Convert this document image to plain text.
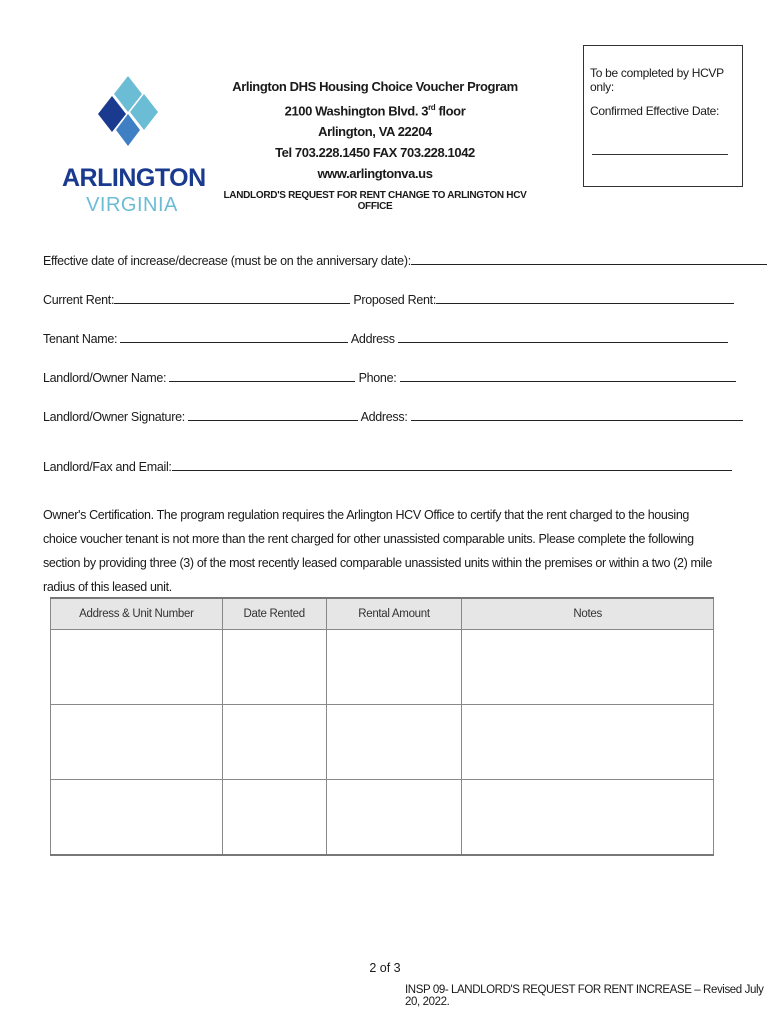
ARLINGTON
VIRGINIA
Arlington DHS Housing Choice Voucher Program
2100 Washington Blvd. 3rd floor
Arlington, VA 22204
Tel 703.228.1450 FAX 703.228.1042
www.arlingtonva.us
LANDLORD'S REQUEST FOR RENT CHANGE TO ARLINGTON HCV OFFICE
To be completed by HCVP only:
Confirmed Effective Date:
Effective date of increase/decrease (must be on the anniversary date):
Current Rent:	Proposed Rent:
Tenant Name:	Address
Landlord/Owner Name:	Phone:
Landlord/Owner Signature:	Address:
Landlord/Fax and Email:
Owner's Certification. The program regulation requires the Arlington HCV Office to certify that the rent charged to the housing choice voucher tenant is not more than the rent charged for other unassisted comparable units. Please complete the following section by providing three (3) of the most recently leased comparable unassisted units within the premises or within a two (2) mile radius of this leased unit.
Address & Unit Number	Date Rented	Rental Amount	Notes

2 of 3
INSP 09- LANDLORD'S REQUEST FOR RENT INCREASE – Revised July 20, 2022.
